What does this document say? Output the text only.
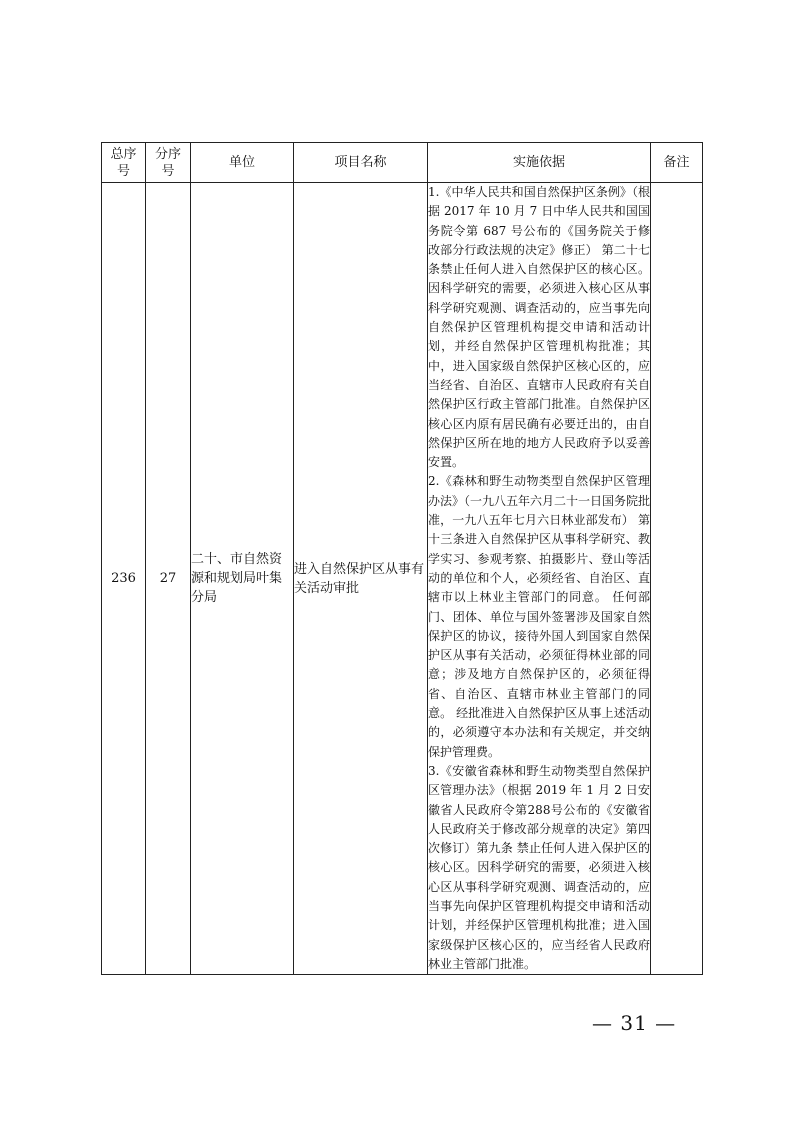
总序号	分序号	单位	项目名称	实施依据	备注
236	27	二十、市自然资源和规划局叶集分局	进入自然保护区从事有关活动审批	1.《中华人民共和国自然保护区条例》（根据 2017 年 10 月 7 日中华人民共和国国务院令第 687 号公布的《国务院关于修改部分行政法规的决定》修正） 第二十七条禁止任何人进入自然保护区的核心区。因科学研究的需要，必须进入核心区从事科学研究观测、调查活动的，应当事先向自然保护区管理机构提交申请和活动计划，并经自然保护区管理机构批准；其中，进入国家级自然保护区核心区的，应当经省、自治区、直辖市人民政府有关自然保护区行政主管部门批准。自然保护区核心区内原有居民确有必要迁出的，由自然保护区所在地的地方人民政府予以妥善安置。
2.《森林和野生动物类型自然保护区管理办法》（一九八五年六月二十一日国务院批准，一九八五年七月六日林业部发布） 第十三条进入自然保护区从事科学研究、教学实习、参观考察、拍摄影片、登山等活动的单位和个人，必须经省、自治区、直辖市以上林业主管部门的同意。 任何部门、团体、单位与国外签署涉及国家自然保护区的协议，接待外国人到国家自然保护区从事有关活动，必须征得林业部的同意；涉及地方自然保护区的，必须征得省、自治区、直辖市林业主管部门的同意。 经批准进入自然保护区从事上述活动的，必须遵守本办法和有关规定，并交纳保护管理费。
3.《安徽省森林和野生动物类型自然保护区管理办法》（根据 2019 年 1 月 2 日安徽省人民政府令第288号公布的《安徽省人民政府关于修改部分规章的决定》第四次修订）第九条 禁止任何人进入保护区的核心区。因科学研究的需要，必须进入核心区从事科学研究观测、调查活动的，应当事先向保护区管理机构提交申请和活动计划，并经保护区管理机构批准；进入国家级保护区核心区的，应当经省人民政府林业主管部门批准。	

— 31 —
